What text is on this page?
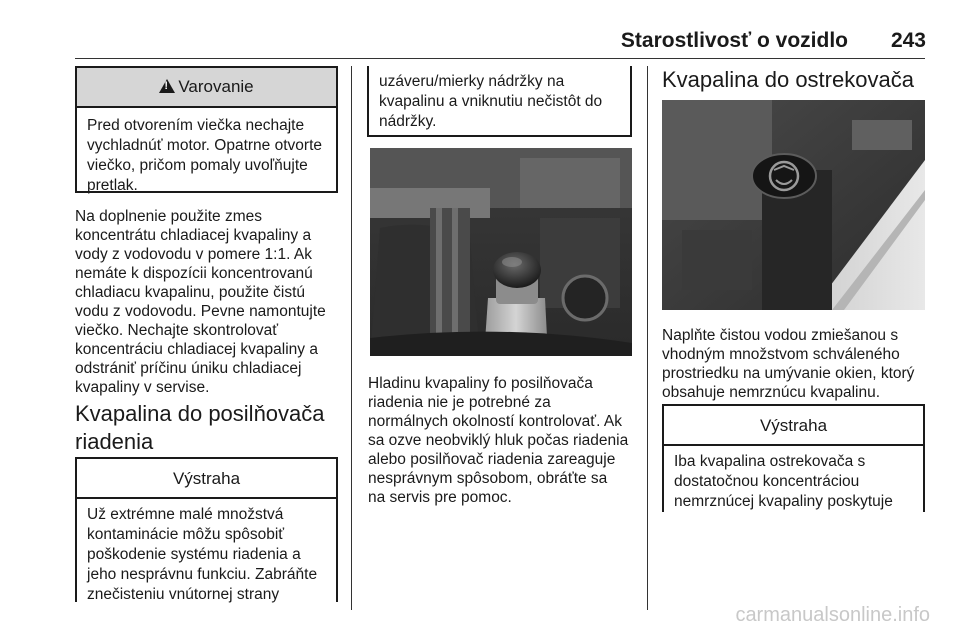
Starostlivosť o vozidlo	243
!Varovanie
Pred otvorením viečka nechajte
vychladnúť motor. Opatrne otvorte
viečko, pričom pomaly uvoľňujte
pretlak.
Na doplnenie použite zmes
koncentrátu chladiacej kvapaliny a
vody z vodovodu v pomere 1:1. Ak
nemáte k dispozícii koncentrovanú
chladiacu kvapalinu, použite čistú
vodu z vodovodu. Pevne namontujte
viečko. Nechajte skontrolovať
koncentráciu chladiacej kvapaliny a
odstrániť príčinu úniku chladiacej
kvapaliny v servise.
Kvapalina do posilňovača
riadenia
Výstraha
Už extrémne malé množstvá
kontaminácie môžu spôsobiť
poškodenie systému riadenia a
jeho nesprávnu funkciu. Zabráňte
znečisteniu vnútornej strany
uzáveru/mierky nádržky na
kvapalinu a vniknutiu nečistôt do
nádržky.
Hladinu kvapaliny fo posilňovača
riadenia nie je potrebné za
normálnych okolností kontrolovať. Ak
sa ozve neobviklý hluk počas riadenia
alebo posilňovač riadenia zareaguje
nesprávnym spôsobom, obráťte sa
na servis pre pomoc.
Kvapalina do ostrekovača
Naplňte čistou vodou zmiešanou s
vhodným množstvom schváleného
prostriedku na umývanie okien, ktorý
obsahuje nemrznúcu kvapalinu.
Výstraha
Iba kvapalina ostrekovača s
dostatočnou koncentráciou
nemrznúcej kvapaliny poskytuje
carmanualsonline.info
